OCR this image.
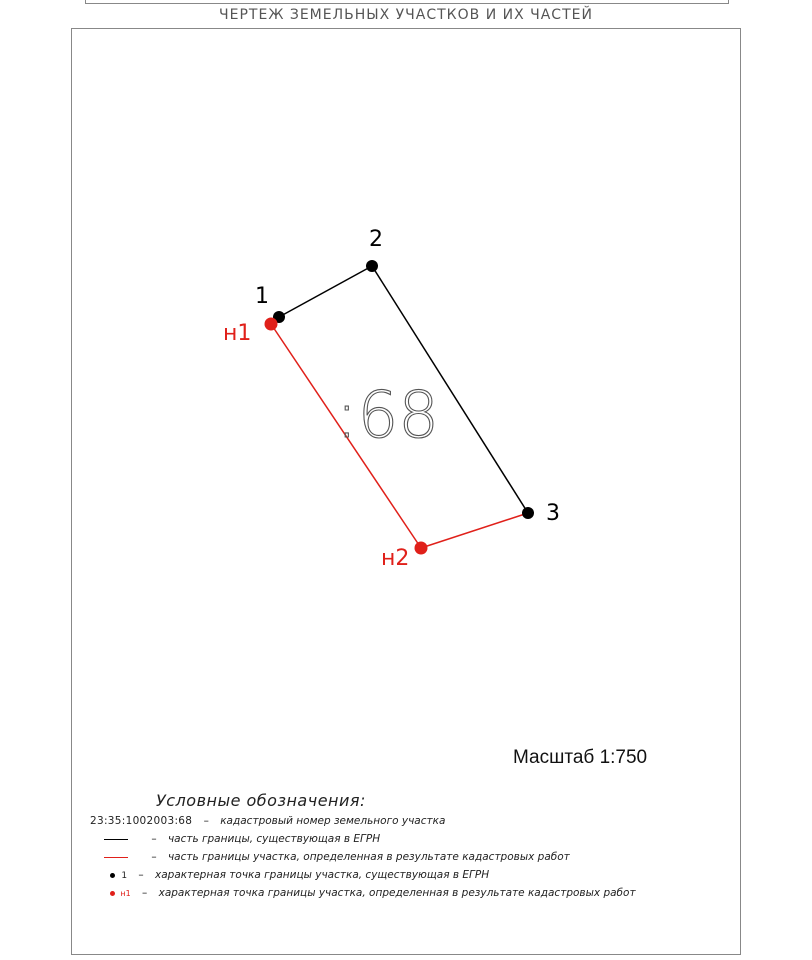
ЧЕРТЕЖ ЗЕМЕЛЬНЫХ УЧАСТКОВ И ИХ ЧАСТЕЙ
1
2
3
н1
н2
:68
Масштаб 1:750
Условные обозначения:
23:35:1002003:68 – кадастровый номер земельного участка
– часть границы, существующая в ЕГРН
– часть границы участка, определенная в результате кадастровых работ
1 – характерная точка границы участка, существующая в ЕГРН
н1 – характерная точка границы участка, определенная в результате кадастровых работ
